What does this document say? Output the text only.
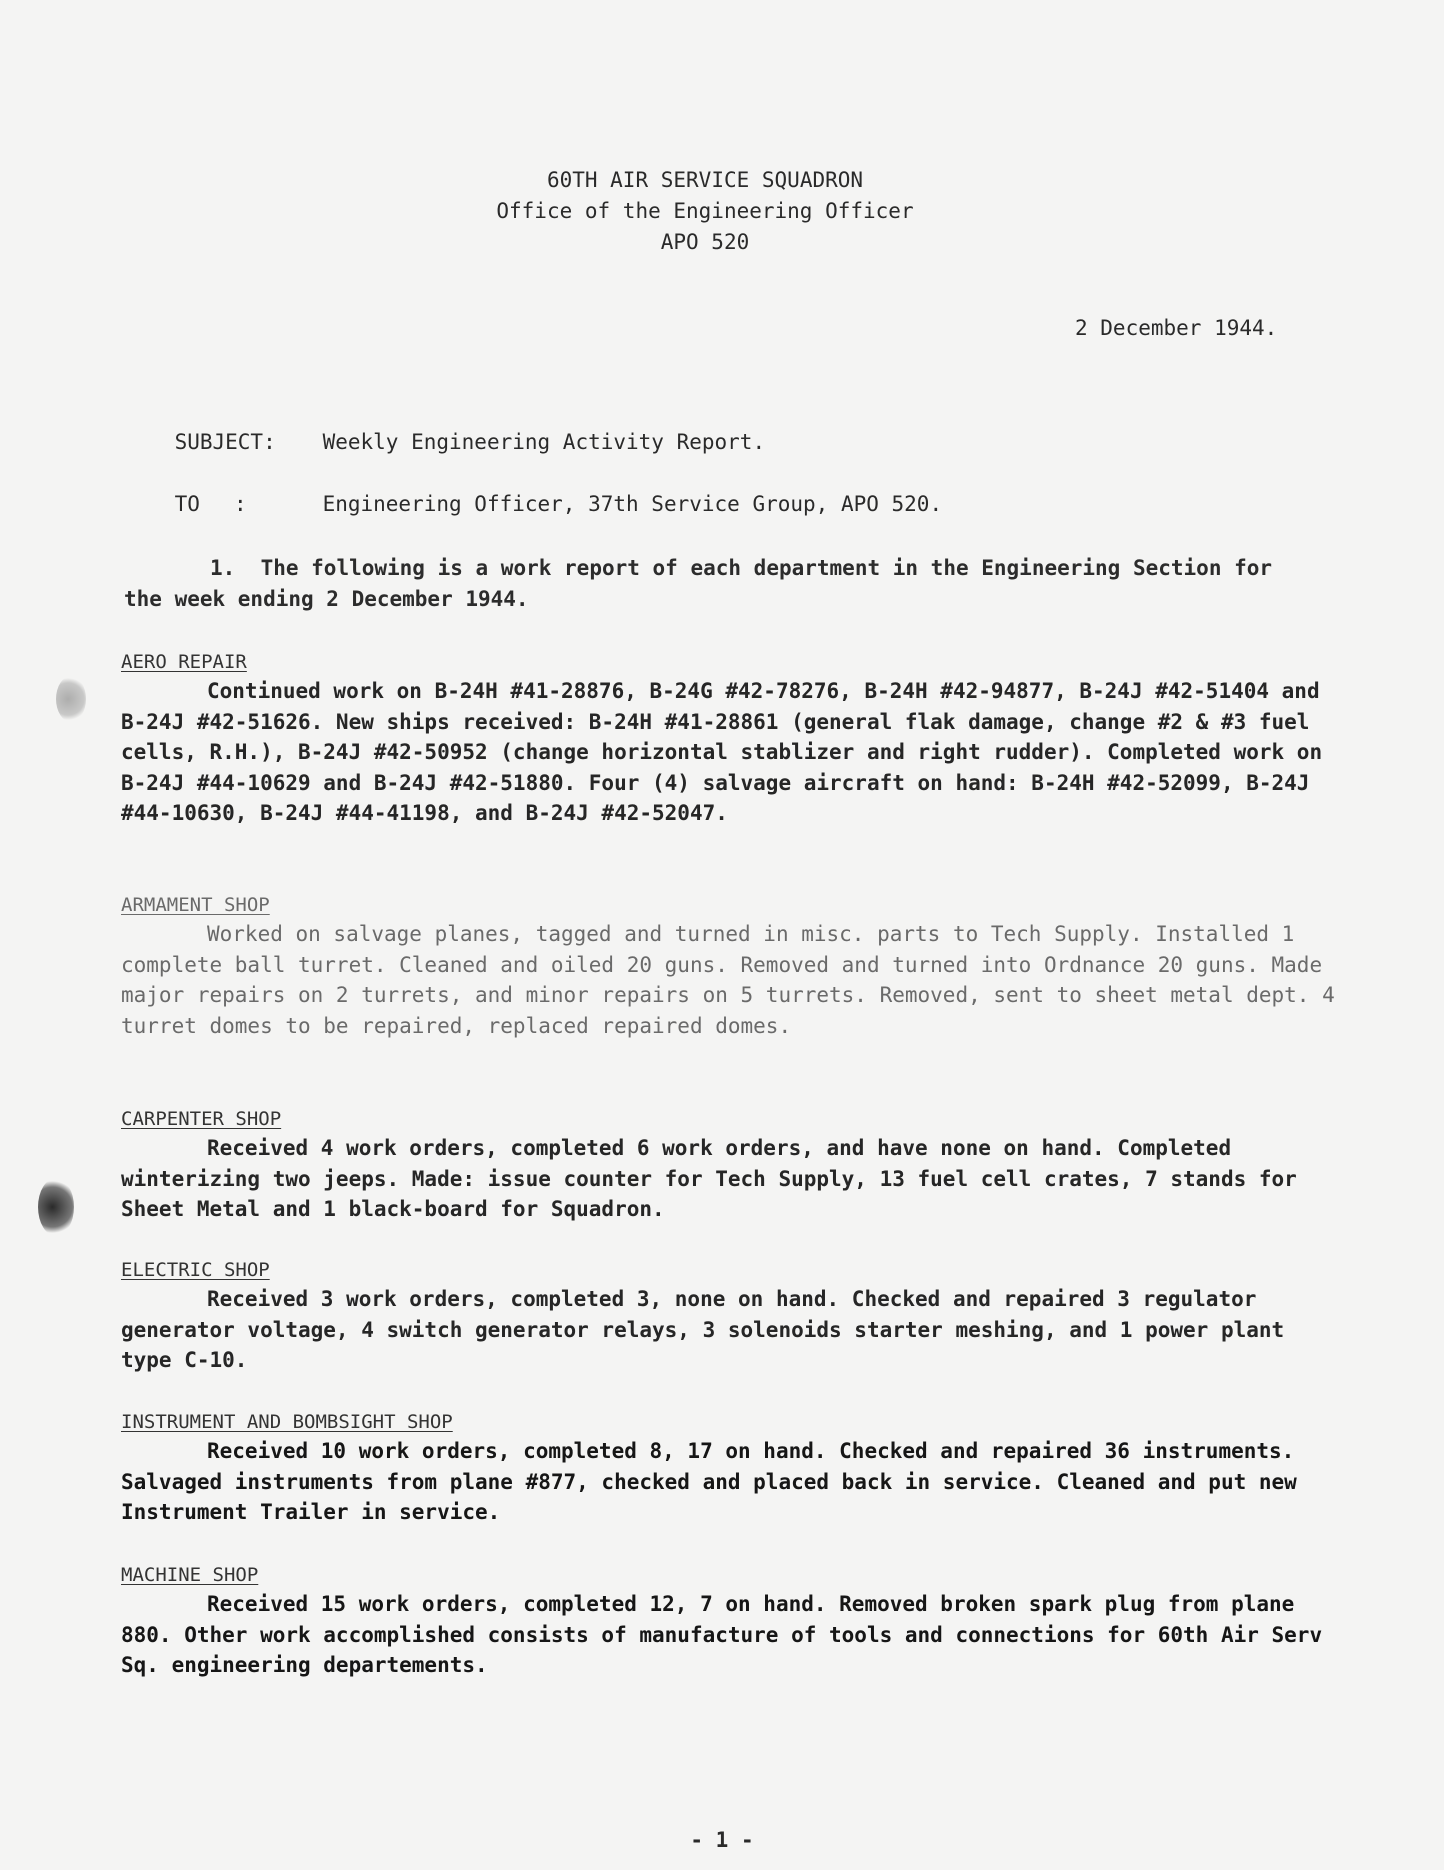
60TH AIR SERVICE SQUADRON
Office of the Engineering Officer
APO 520
2 December 1944.

SUBJECT: Weekly Engineering Activity Report.

TO :	Engineering Officer, 37th Service Group, APO 520.

1. The following is a work report of each department in the Engineering Section for the week ending 2 December 1944.
AERO REPAIR
Continued work on B-24H #41-28876, B-24G #42-78276, B-24H #42-94877, B-24J #42-51404 and B-24J #42-51626. New ships received: B-24H #41-28861 (general flak damage, change #2 & #3 fuel cells, R.H.), B-24J #42-50952 (change horizontal stablizer and right rudder). Completed work on B-24J #44-10629 and B-24J #42-51880. Four (4) salvage aircraft on hand: B-24H #42-52099, B-24J #44-10630, B-24J #44-41198, and B-24J #42-52047.
ARMAMENT SHOP
Worked on salvage planes, tagged and turned in misc. parts to Tech Supply. Installed 1 complete ball turret. Cleaned and oiled 20 guns. Removed and turned into Ordnance 20 guns. Made major repairs on 2 turrets, and minor repairs on 5 turrets. Removed, sent to sheet metal dept. 4 turret domes to be repaired, replaced repaired domes.
CARPENTER SHOP
Received 4 work orders, completed 6 work orders, and have none on hand. Completed winterizing two jeeps. Made: issue counter for Tech Supply, 13 fuel cell crates, 7 stands for Sheet Metal and 1 black-board for Squadron.
ELECTRIC SHOP
Received 3 work orders, completed 3, none on hand. Checked and repaired 3 regulator generator voltage, 4 switch generator relays, 3 solenoids starter meshing, and 1 power plant type C-10.
INSTRUMENT AND BOMBSIGHT SHOP
Received 10 work orders, completed 8, 17 on hand. Checked and repaired 36 instruments. Salvaged instruments from plane #877, checked and placed back in service. Cleaned and put new Instrument Trailer in service.
MACHINE SHOP
Received 15 work orders, completed 12, 7 on hand. Removed broken spark plug from plane 880. Other work accomplished consists of manufacture of tools and connections for 60th Air Serv Sq. engineering departements.
- 1 -
